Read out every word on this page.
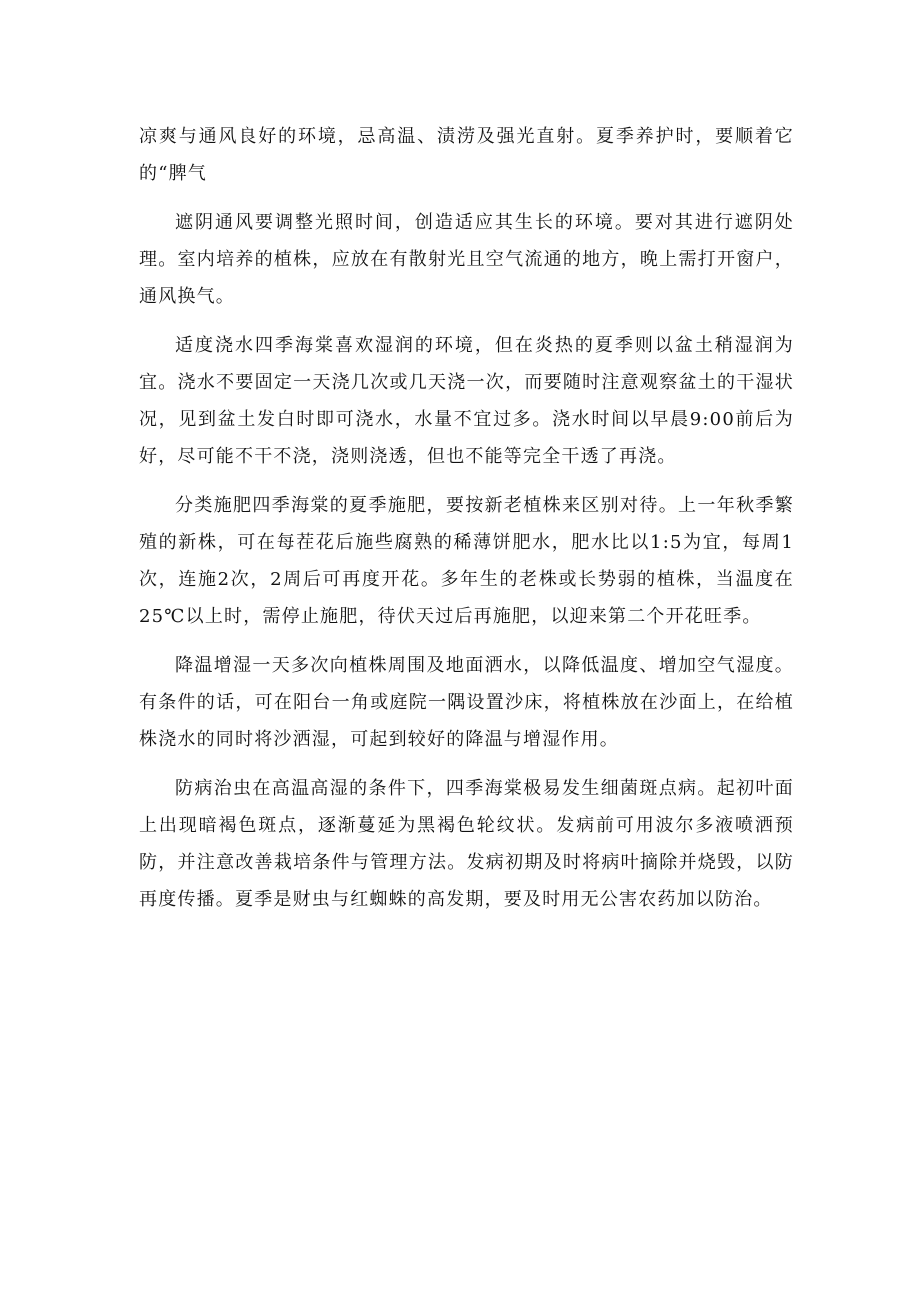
凉爽与通风良好的环境，忌高温、渍涝及强光直射。夏季养护时，要顺着它的“脾气

遮阴通风要调整光照时间，创造适应其生长的环境。要对其进行遮阴处理。室内培养的植株，应放在有散射光且空气流通的地方，晚上需打开窗户，通风换气。

适度浇水四季海棠喜欢湿润的环境，但在炎热的夏季则以盆土稍湿润为宜。浇水不要固定一天浇几次或几天浇一次，而要随时注意观察盆土的干湿状况，见到盆土发白时即可浇水，水量不宜过多。浇水时间以早晨9:00前后为好，尽可能不干不浇，浇则浇透，但也不能等完全干透了再浇。

分类施肥四季海棠的夏季施肥，要按新老植株来区别对待。上一年秋季繁殖的新株，可在每茬花后施些腐熟的稀薄饼肥水，肥水比以1:5为宜，每周1次，连施2次，2周后可再度开花。多年生的老株或长势弱的植株，当温度在25℃以上时，需停止施肥，待伏天过后再施肥，以迎来第二个开花旺季。

降温增湿一天多次向植株周围及地面洒水，以降低温度、增加空气湿度。有条件的话，可在阳台一角或庭院一隅设置沙床，将植株放在沙面上，在给植株浇水的同时将沙洒湿，可起到较好的降温与增湿作用。

防病治虫在高温高湿的条件下，四季海棠极易发生细菌斑点病。起初叶面上出现暗褐色斑点，逐渐蔓延为黑褐色轮纹状。发病前可用波尔多液喷洒预防，并注意改善栽培条件与管理方法。发病初期及时将病叶摘除并烧毁，以防再度传播。夏季是财虫与红蜘蛛的高发期，要及时用无公害农药加以防治。
